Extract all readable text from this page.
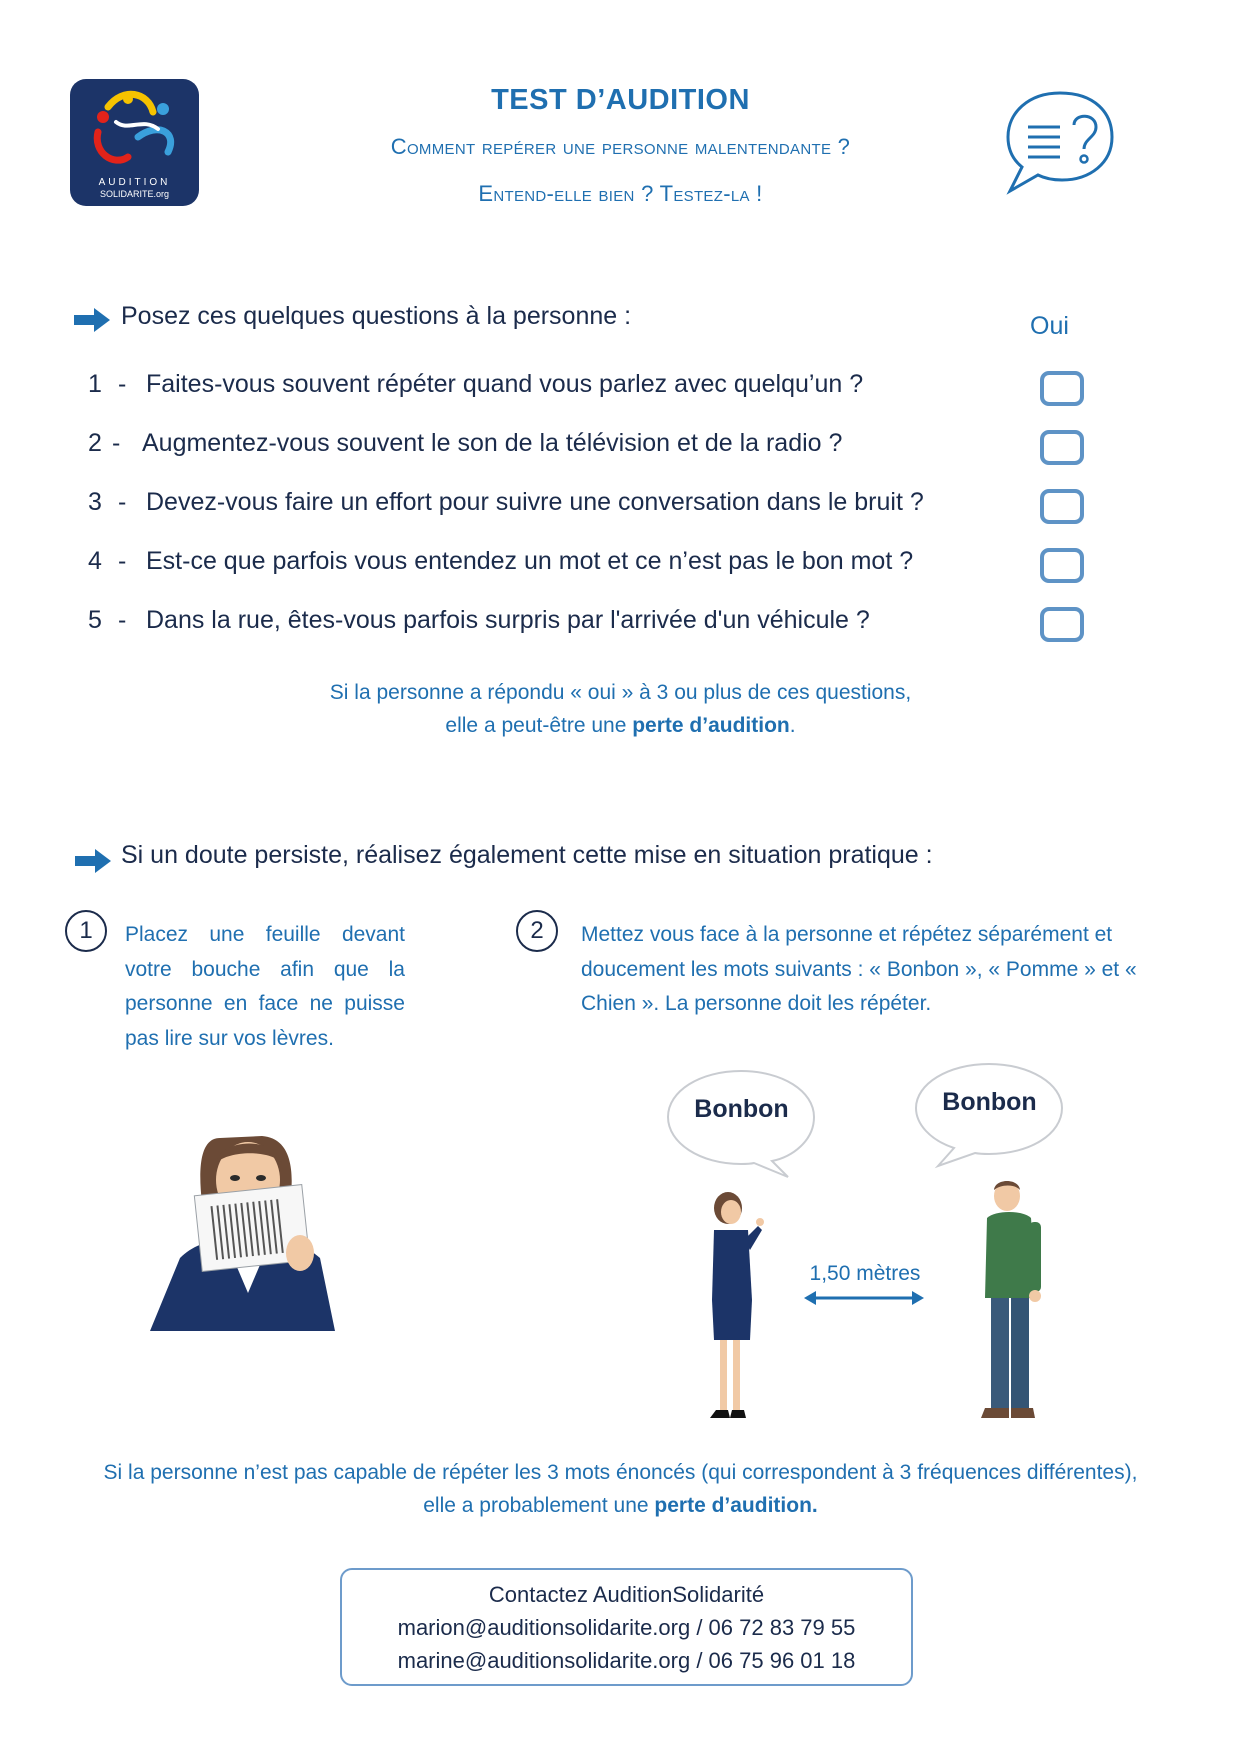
AUDITION
SOLIDARITE.org
TEST D’AUDITION
Comment repérer une personne malentendante ?
Entend-elle bien ? Testez-la !
Posez ces quelques questions à la personne :	Oui
1 - Faites-vous souvent répéter quand vous parlez avec quelqu’un ?
2 - Augmentez-vous souvent le son de la télévision et de la radio ?
3 - Devez-vous faire un effort pour suivre une conversation dans le bruit ?
4 - Est-ce que parfois vous entendez un mot et ce n’est pas le bon mot ?
5 - Dans la rue, êtes-vous parfois surpris par l'arrivée d'un véhicule ?
Si la personne a répondu « oui » à 3 ou plus de ces questions,
elle a peut-être une perte d’audition.
Si un doute persiste, réalisez également cette mise en situation pratique :
1	Placez une feuille devant votre bouche afin que la personne en face ne puisse pas lire sur vos lèvres.
2	Mettez vous face à la personne et répétez séparément et doucement les mots suivants : « Bonbon », « Pomme » et « Chien ». La personne doit les répéter.
Bonbon	Bonbon
1,50 mètres
Si la personne n’est pas capable de répéter les 3 mots énoncés (qui correspondent à 3 fréquences différentes),
elle a probablement une perte d’audition.
Contactez AuditionSolidarité
marion@auditionsolidarite.org / 06 72 83 79 55
marine@auditionsolidarite.org / 06 75 96 01 18
